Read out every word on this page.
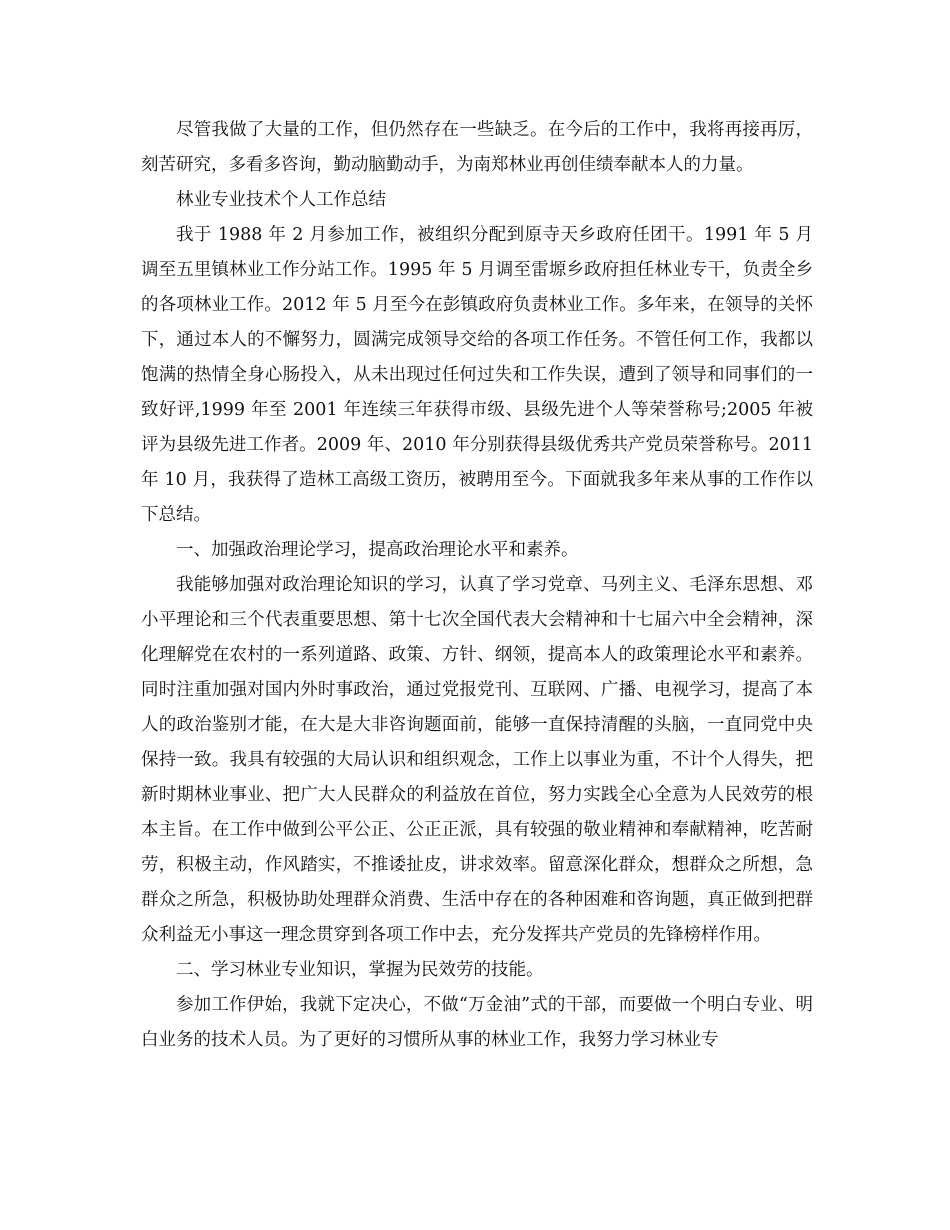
尽管我做了大量的工作，但仍然存在一些缺乏。在今后的工作中，我将再接再厉，刻苦研究，多看多咨询，勤动脑勤动手，为南郑林业再创佳绩奉献本人的力量。

林业专业技术个人工作总结

我于 1988 年 2 月参加工作，被组织分配到原寺天乡政府任团干。1991 年 5 月调至五里镇林业工作分站工作。1995 年 5 月调至雷塬乡政府担任林业专干，负责全乡的各项林业工作。2012 年 5 月至今在彭镇政府负责林业工作。多年来，在领导的关怀下，通过本人的不懈努力，圆满完成领导交给的各项工作任务。不管任何工作，我都以饱满的热情全身心肠投入，从未出现过任何过失和工作失误，遭到了领导和同事们的一致好评,1999 年至 2001 年连续三年获得市级、县级先进个人等荣誉称号;2005 年被评为县级先进工作者。2009 年、2010 年分别获得县级优秀共产党员荣誉称号。2011 年 10 月，我获得了造林工高级工资历，被聘用至今。下面就我多年来从事的工作作以下总结。

一、加强政治理论学习，提高政治理论水平和素养。

我能够加强对政治理论知识的学习，认真了学习党章、马列主义、毛泽东思想、邓小平理论和三个代表重要思想、第十七次全国代表大会精神和十七届六中全会精神，深化理解党在农村的一系列道路、政策、方针、纲领，提高本人的政策理论水平和素养。同时注重加强对国内外时事政治，通过党报党刊、互联网、广播、电视学习，提高了本人的政治鉴别才能，在大是大非咨询题面前，能够一直保持清醒的头脑，一直同党中央保持一致。我具有较强的大局认识和组织观念，工作上以事业为重，不计个人得失，把新时期林业事业、把广大人民群众的利益放在首位，努力实践全心全意为人民效劳的根本主旨。在工作中做到公平公正、公正正派，具有较强的敬业精神和奉献精神，吃苦耐劳，积极主动，作风踏实，不推诿扯皮，讲求效率。留意深化群众，想群众之所想，急群众之所急，积极协助处理群众消费、生活中存在的各种困难和咨询题，真正做到把群众利益无小事这一理念贯穿到各项工作中去，充分发挥共产党员的先锋榜样作用。

二、学习林业专业知识，掌握为民效劳的技能。

参加工作伊始，我就下定决心，不做“万金油”式的干部，而要做一个明白专业、明白业务的技术人员。为了更好的习惯所从事的林业工作，我努力学习林业专
